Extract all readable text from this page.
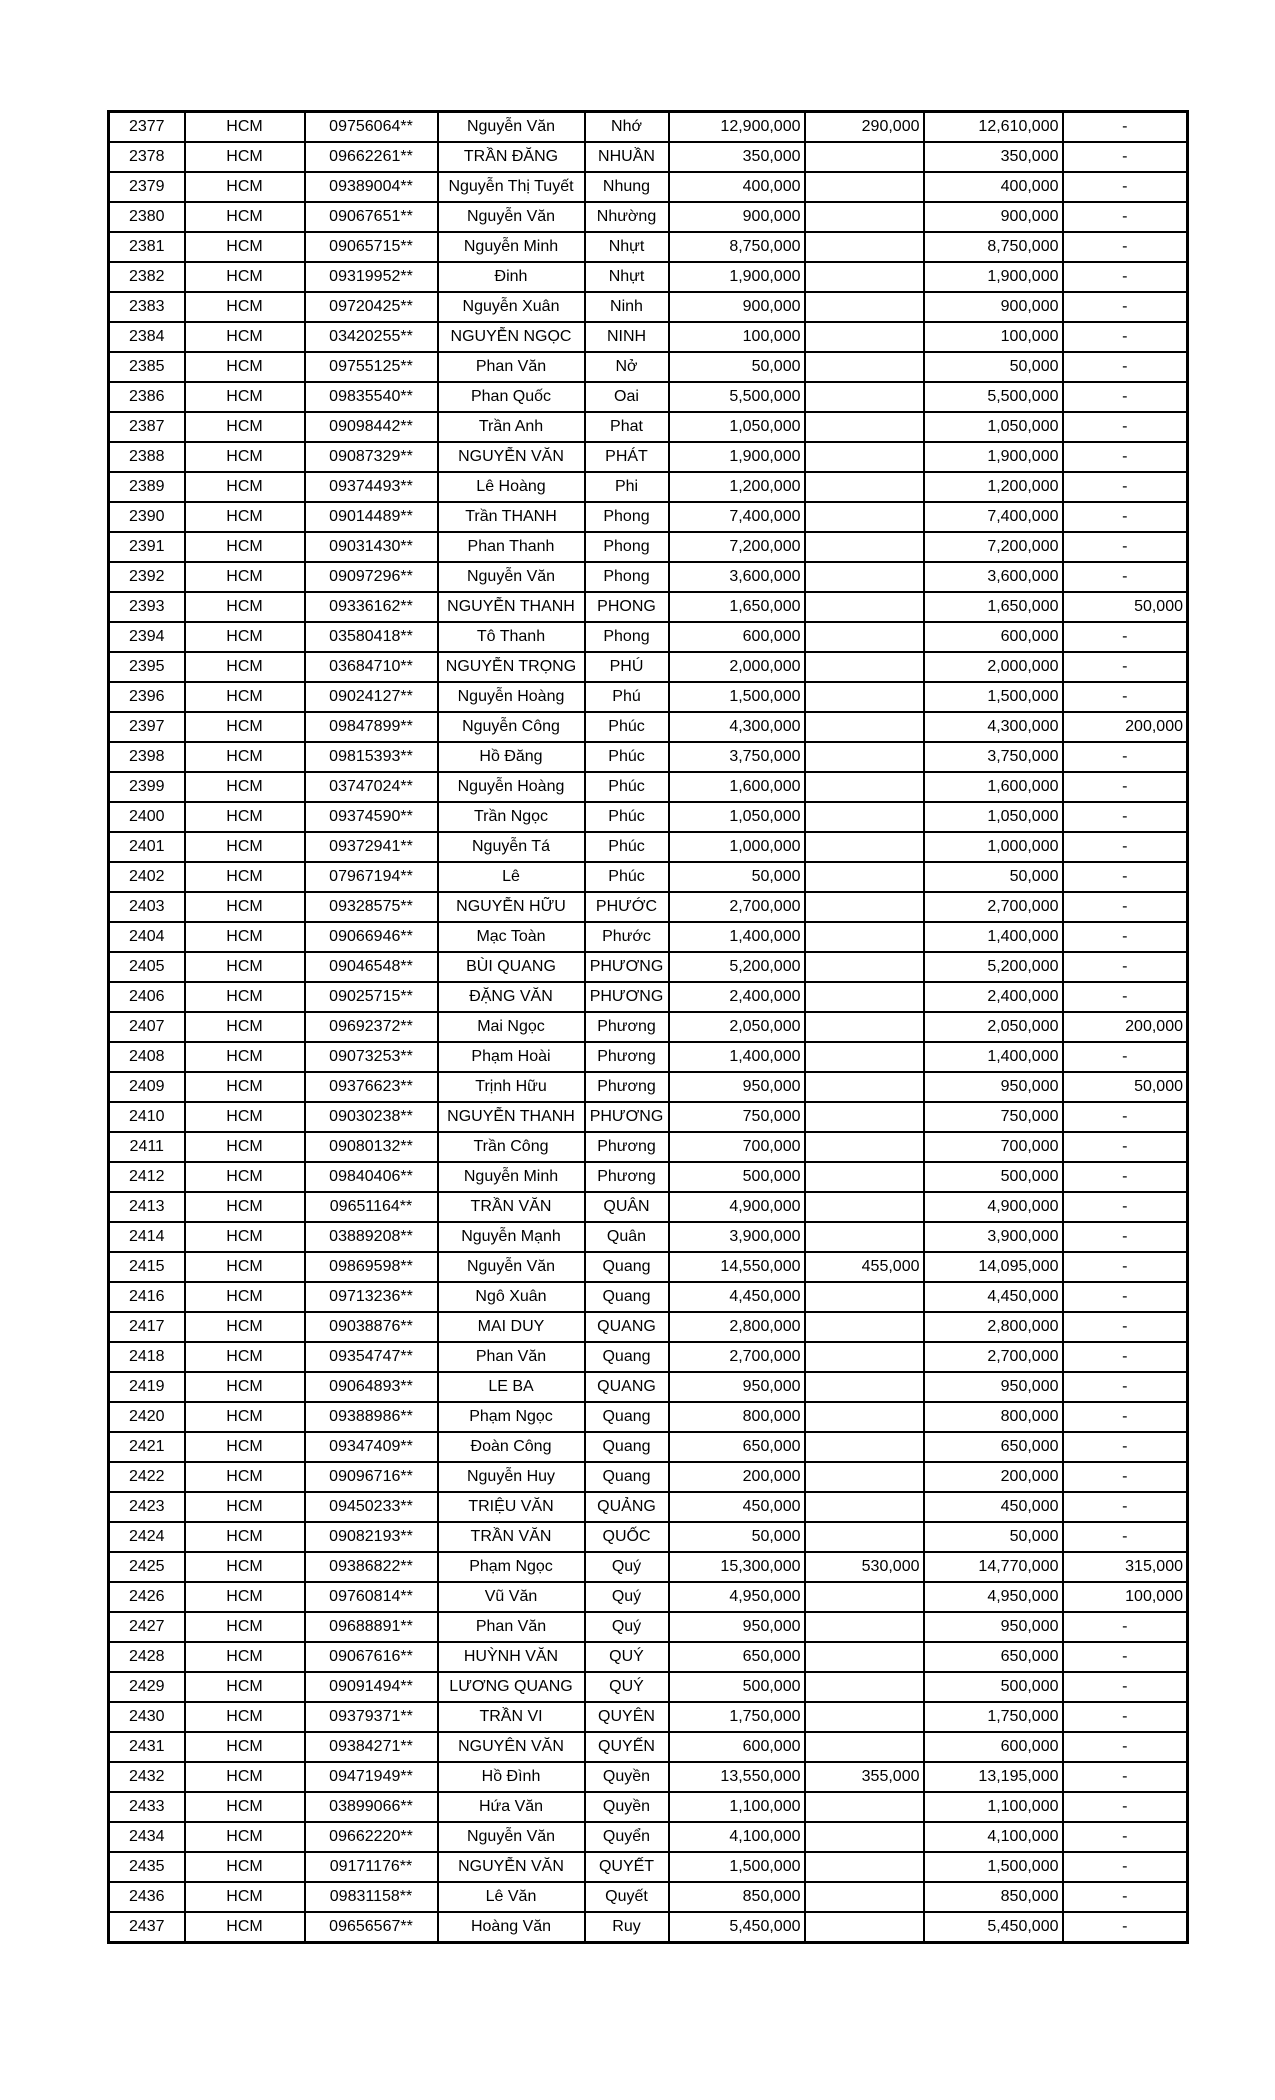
2377	HCM	09756064**	Nguyễn Văn	Nhớ	12,900,000	290,000	12,610,000	-
2378	HCM	09662261**	TRẦN ĐĂNG	NHUẦN	350,000		350,000	-
2379	HCM	09389004**	Nguyễn Thị Tuyết	Nhung	400,000		400,000	-
2380	HCM	09067651**	Nguyễn Văn	Nhường	900,000		900,000	-
2381	HCM	09065715**	Nguyễn Minh	Nhựt	8,750,000		8,750,000	-
2382	HCM	09319952**	Đinh	Nhựt	1,900,000		1,900,000	-
2383	HCM	09720425**	Nguyễn Xuân	Ninh	900,000		900,000	-
2384	HCM	03420255**	NGUYỄN NGỌC	NINH	100,000		100,000	-
2385	HCM	09755125**	Phan Văn	Nở	50,000		50,000	-
2386	HCM	09835540**	Phan Quốc	Oai	5,500,000		5,500,000	-
2387	HCM	09098442**	Trần Anh	Phat	1,050,000		1,050,000	-
2388	HCM	09087329**	NGUYỄN VĂN	PHÁT	1,900,000		1,900,000	-
2389	HCM	09374493**	Lê Hoàng	Phi	1,200,000		1,200,000	-
2390	HCM	09014489**	Trần THANH	Phong	7,400,000		7,400,000	-
2391	HCM	09031430**	Phan Thanh	Phong	7,200,000		7,200,000	-
2392	HCM	09097296**	Nguyễn Văn	Phong	3,600,000		3,600,000	-
2393	HCM	09336162**	NGUYỄN THANH	PHONG	1,650,000		1,650,000	50,000
2394	HCM	03580418**	Tô Thanh	Phong	600,000		600,000	-
2395	HCM	03684710**	NGUYỄN TRỌNG	PHÚ	2,000,000		2,000,000	-
2396	HCM	09024127**	Nguyễn Hoàng	Phú	1,500,000		1,500,000	-
2397	HCM	09847899**	Nguyễn Công	Phúc	4,300,000		4,300,000	200,000
2398	HCM	09815393**	Hồ Đăng	Phúc	3,750,000		3,750,000	-
2399	HCM	03747024**	Nguyễn Hoàng	Phúc	1,600,000		1,600,000	-
2400	HCM	09374590**	Trần Ngọc	Phúc	1,050,000		1,050,000	-
2401	HCM	09372941**	Nguyễn Tá	Phúc	1,000,000		1,000,000	-
2402	HCM	07967194**	Lê	Phúc	50,000		50,000	-
2403	HCM	09328575**	NGUYỄN HỮU	PHƯỚC	2,700,000		2,700,000	-
2404	HCM	09066946**	Mạc Toàn	Phước	1,400,000		1,400,000	-
2405	HCM	09046548**	BÙI QUANG	PHƯƠNG	5,200,000		5,200,000	-
2406	HCM	09025715**	ĐẶNG VĂN	PHƯƠNG	2,400,000		2,400,000	-
2407	HCM	09692372**	Mai Ngọc	Phương	2,050,000		2,050,000	200,000
2408	HCM	09073253**	Phạm Hoài	Phương	1,400,000		1,400,000	-
2409	HCM	09376623**	Trịnh Hữu	Phương	950,000		950,000	50,000
2410	HCM	09030238**	NGUYỄN THANH	PHƯƠNG	750,000		750,000	-
2411	HCM	09080132**	Trần Công	Phương	700,000		700,000	-
2412	HCM	09840406**	Nguyễn Minh	Phương	500,000		500,000	-
2413	HCM	09651164**	TRẦN VĂN	QUÂN	4,900,000		4,900,000	-
2414	HCM	03889208**	Nguyễn Mạnh	Quân	3,900,000		3,900,000	-
2415	HCM	09869598**	Nguyễn Văn	Quang	14,550,000	455,000	14,095,000	-
2416	HCM	09713236**	Ngô Xuân	Quang	4,450,000		4,450,000	-
2417	HCM	09038876**	MAI DUY	QUANG	2,800,000		2,800,000	-
2418	HCM	09354747**	Phan Văn	Quang	2,700,000		2,700,000	-
2419	HCM	09064893**	LE BA	QUANG	950,000		950,000	-
2420	HCM	09388986**	Phạm Ngọc	Quang	800,000		800,000	-
2421	HCM	09347409**	Đoàn Công	Quang	650,000		650,000	-
2422	HCM	09096716**	Nguyễn Huy	Quang	200,000		200,000	-
2423	HCM	09450233**	TRIỆU VĂN	QUẢNG	450,000		450,000	-
2424	HCM	09082193**	TRẦN VĂN	QUỐC	50,000		50,000	-
2425	HCM	09386822**	Phạm Ngọc	Quý	15,300,000	530,000	14,770,000	315,000
2426	HCM	09760814**	Vũ Văn	Quý	4,950,000		4,950,000	100,000
2427	HCM	09688891**	Phan Văn	Quý	950,000		950,000	-
2428	HCM	09067616**	HUỲNH VĂN	QUÝ	650,000		650,000	-
2429	HCM	09091494**	LƯƠNG QUANG	QUÝ	500,000		500,000	-
2430	HCM	09379371**	TRẦN VI	QUYÊN	1,750,000		1,750,000	-
2431	HCM	09384271**	NGUYÊN VĂN	QUYẾN	600,000		600,000	-
2432	HCM	09471949**	Hồ Đình	Quyền	13,550,000	355,000	13,195,000	-
2433	HCM	03899066**	Hứa Văn	Quyền	1,100,000		1,100,000	-
2434	HCM	09662220**	Nguyễn Văn	Quyển	4,100,000		4,100,000	-
2435	HCM	09171176**	NGUYỄN VĂN	QUYẾT	1,500,000		1,500,000	-
2436	HCM	09831158**	Lê Văn	Quyết	850,000		850,000	-
2437	HCM	09656567**	Hoàng Văn	Ruy	5,450,000		5,450,000	-
